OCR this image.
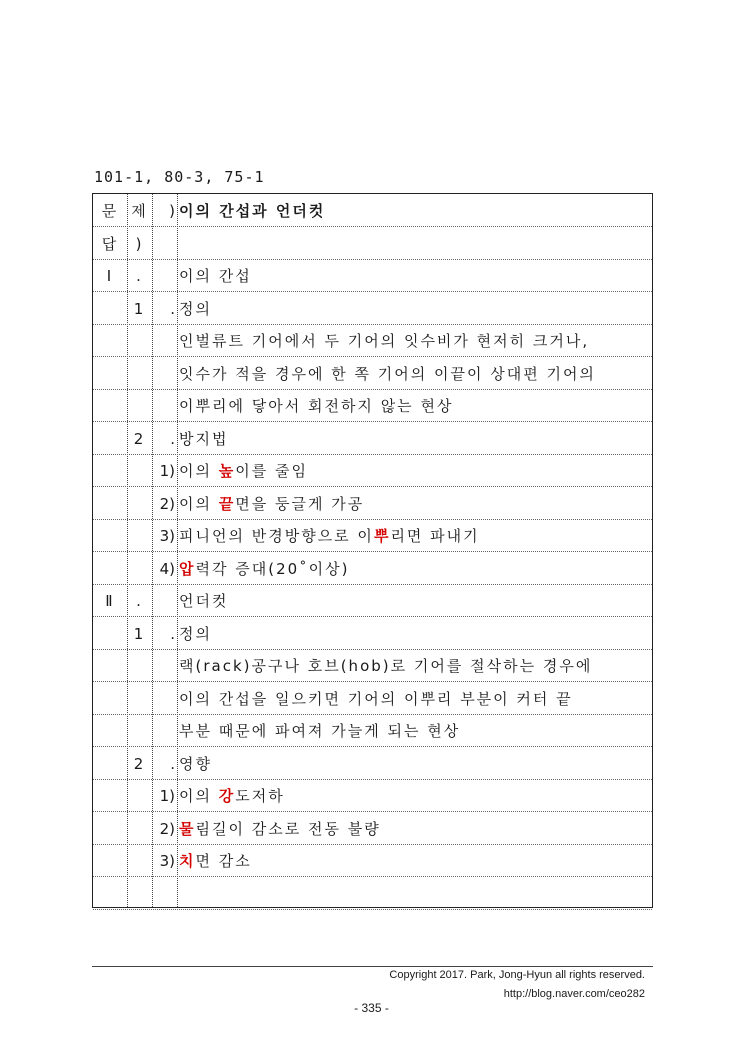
101-1, 80-3, 75-1
문 제	) 이의 간섭과 언더컷
답	)
Ⅰ	.	이의 간섭
1	. 정의
인벌류트 기어에서 두 기어의 잇수비가 현저히 크거나,
잇수가 적을 경우에 한 쪽 기어의 이끝이 상대편 기어의
이뿌리에 닿아서 회전하지 않는 현상
2	. 방지법
1) 이의 높이를 줄임
2) 이의 끝면을 둥글게 가공
3) 피니언의 반경방향으로 이뿌리면 파내기
4) 압력각 증대(20˚이상)
Ⅱ	.	언더컷
1	. 정의
랙(rack)공구나 호브(hob)로 기어를 절삭하는 경우에
이의 간섭을 일으키면 기어의 이뿌리 부분이 커터 끝
부분 때문에 파여져 가늘게 되는 현상
2	. 영향
1) 이의 강도저하
2) 물림길이 감소로 전동 불량
3) 치면 감소
Copyright 2017. Park, Jong-Hyun all rights reserved.
http://blog.naver.com/ceo282
- 335 -
